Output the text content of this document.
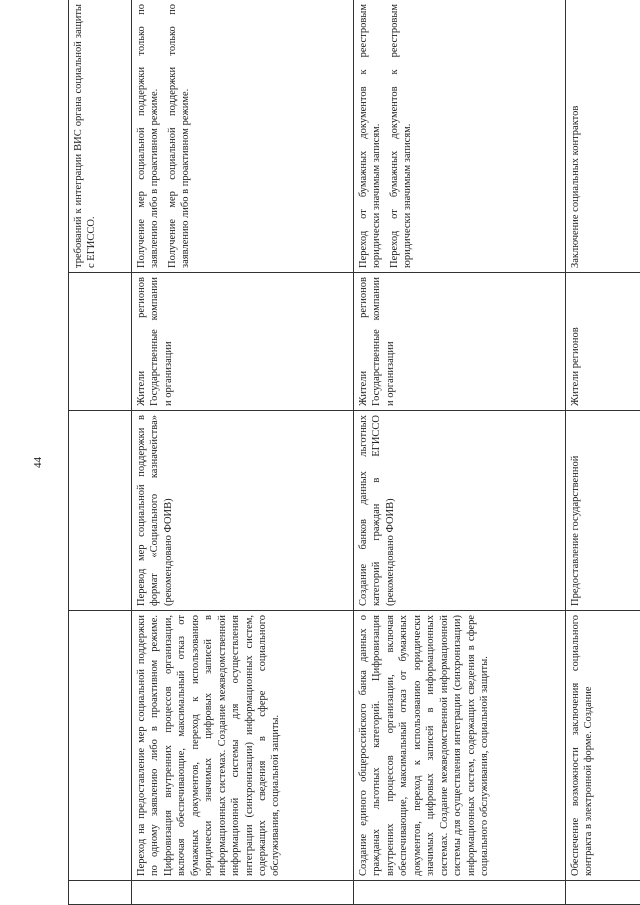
44

				требований к интеграции ВИС органа социальной защиты с ЕГИССО.

	Переход на предоставление мер социальной поддержки по одному заявлению либо в проактивном режиме. Цифровизация внутренних процессов организации, включая обеспечивающие, максимальный отказ от бумажных документов, переход к использованию юридически значимых цифровых записей в информационных системах. Создание межведомственной информационной системы для осуществления интеграции (синхронизации) информационных систем, содержащих сведения в сфере социального обслуживания, социальной защиты.	Перевод мер социальной поддержки в формат «Социального казначейства» (рекомендовано ФОИВ)	Жители регионов Государственные компании и организации	Получение мер социальной поддержки только по заявлению либо в проактивном режиме. Получение мер социальной поддержки только по заявлению либо в проактивном режиме.

	Создание единого общероссийского банка данных о гражданах льготных категорий. Цифровизация внутренних процессов организации, включая обеспечивающие, максимальный отказ от бумажных документов, переход к использованию юридически значимых цифровых записей в информационных системах. Создание межведомственной информационной системы для осуществления интеграции (синхронизации) информационных систем, содержащих сведения в сфере социального обслуживания, социальной защиты.	Создание банков данных льготных категорий граждан в ЕГИССО (рекомендовано ФОИВ)	Жители регионов Государственные компании и организации	Переход от бумажных документов к реестровым юридически значимым записям. Переход от бумажных документов к реестровым юридически значимым записям.

	Обеспечение возможности заключения социального контракта в электронной форме. Создание	Предоставление государственной	Жители регионов	Заключение социальных контрактов
